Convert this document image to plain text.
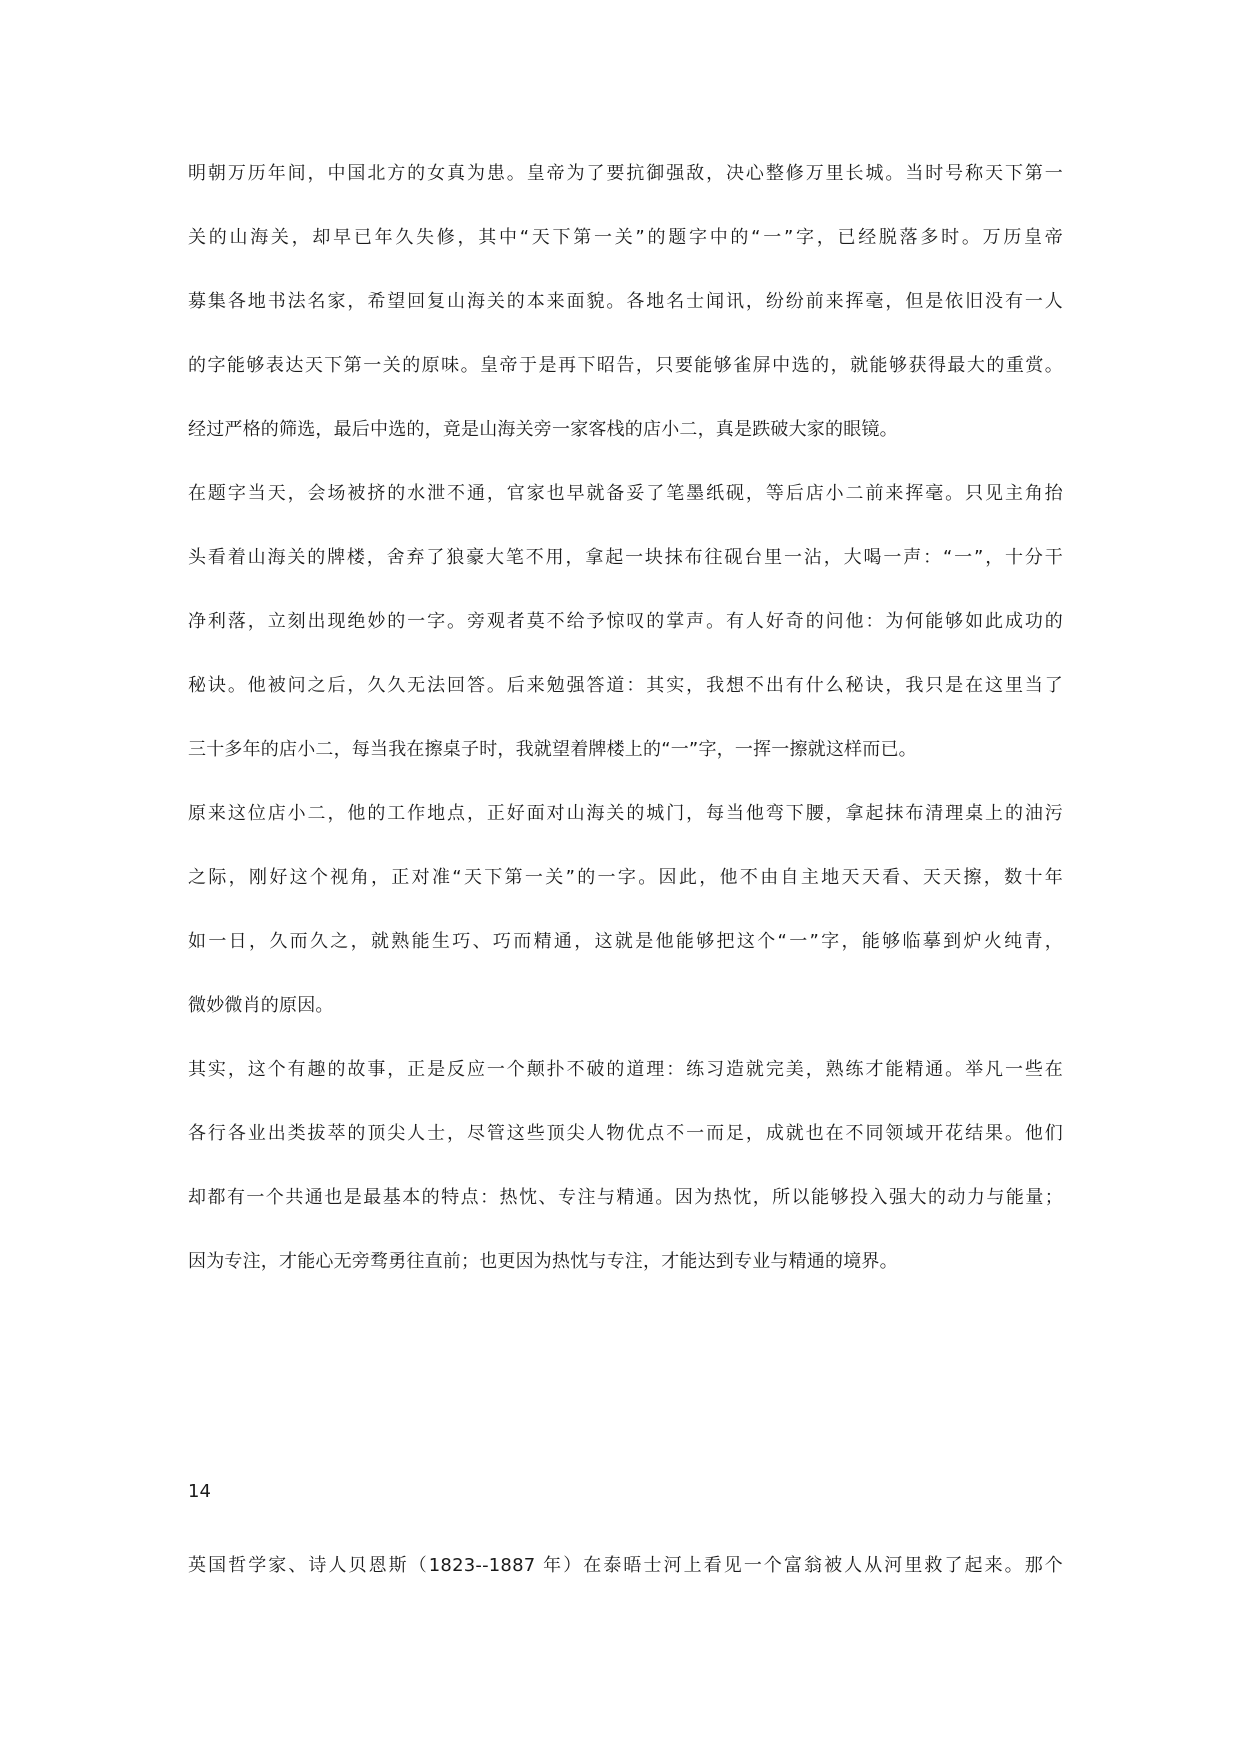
明朝万历年间，中国北方的女真为患。皇帝为了要抗御强敌，决心整修万里长城。当时号称天下第一
关的山海关，却早已年久失修，其中“天下第一关”的题字中的“一”字，已经脱落多时。万历皇帝
募集各地书法名家，希望回复山海关的本来面貌。各地名士闻讯，纷纷前来挥毫，但是依旧没有一人
的字能够表达天下第一关的原味。皇帝于是再下昭告，只要能够雀屏中选的，就能够获得最大的重赏。
经过严格的筛选，最后中选的，竟是山海关旁一家客栈的店小二，真是跌破大家的眼镜。
在题字当天，会场被挤的水泄不通，官家也早就备妥了笔墨纸砚，等后店小二前来挥毫。只见主角抬
头看着山海关的牌楼，舍弃了狼豪大笔不用，拿起一块抹布往砚台里一沾，大喝一声：“一”，十分干
净利落，立刻出现绝妙的一字。旁观者莫不给予惊叹的掌声。有人好奇的问他：为何能够如此成功的
秘诀。他被问之后，久久无法回答。后来勉强答道：其实，我想不出有什么秘诀，我只是在这里当了
三十多年的店小二，每当我在擦桌子时，我就望着牌楼上的“一”字，一挥一擦就这样而已。
原来这位店小二，他的工作地点，正好面对山海关的城门，每当他弯下腰，拿起抹布清理桌上的油污
之际，刚好这个视角，正对准“天下第一关”的一字。因此，他不由自主地天天看、天天擦，数十年
如一日，久而久之，就熟能生巧、巧而精通，这就是他能够把这个“一”字，能够临摹到炉火纯青，
微妙微肖的原因。
其实，这个有趣的故事，正是反应一个颠扑不破的道理：练习造就完美，熟练才能精通。举凡一些在
各行各业出类拔萃的顶尖人士，尽管这些顶尖人物优点不一而足，成就也在不同领域开花结果。他们
却都有一个共通也是最基本的特点：热忱、专注与精通。因为热忱，所以能够投入强大的动力与能量；
因为专注，才能心无旁骛勇往直前；也更因为热忱与专注，才能达到专业与精通的境界。
14
英国哲学家、诗人贝恩斯（1823--1887 年）在泰晤士河上看见一个富翁被人从河里救了起来。那个
